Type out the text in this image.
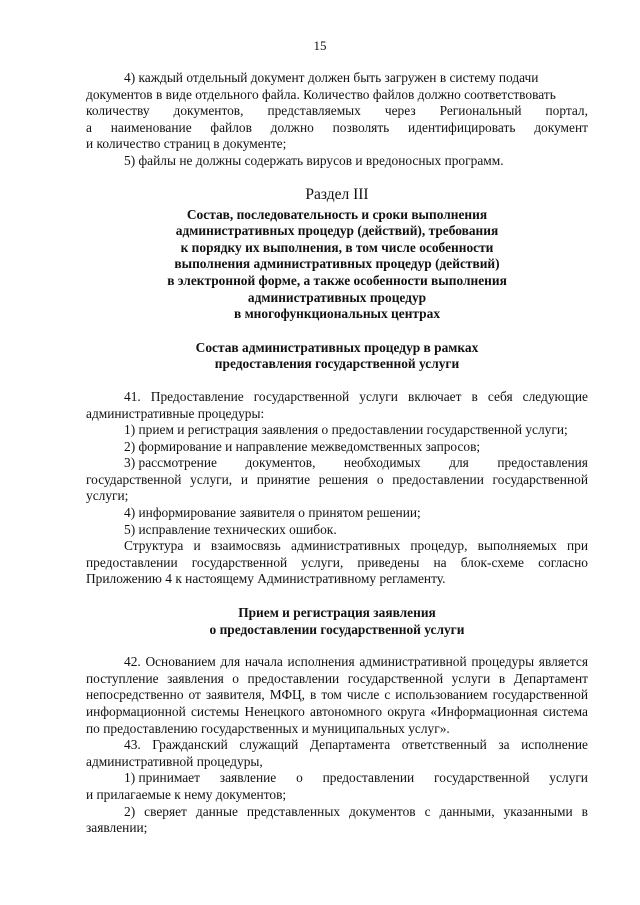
15

4) каждый отдельный документ должен быть загружен в систему подачи

документов в виде отдельного файла. Количество файлов должно соответствовать

количеству документов, представляемых через Региональный портал,
а наименование файлов должно позволять идентифицировать документ

и количество страниц в документе;

5) файлы не должны содержать вирусов и вредоносных программ.

Раздел III

Состав, последовательность и сроки выполнения

административных процедур (действий), требования

к порядку их выполнения, в том числе особенности

выполнения административных процедур (действий)

в электронной форме, а также особенности выполнения

административных процедур

в многофункциональных центрах

Состав административных процедур в рамках

предоставления государственной услуги

41. Предоставление государственной услуги включает в себя следующие административные процедуры:

1) прием и регистрация заявления о предоставлении государственной услуги;

2) формирование и направление межведомственных запросов;

3) рассмотрение документов, необходимых для предоставления

государственной услуги, и принятие решения о предоставлении государственной услуги;

4) информирование заявителя о принятом решении;

5) исправление технических ошибок.

Структура и взаимосвязь административных процедур, выполняемых при предоставлении государственной услуги, приведены на блок-схеме согласно Приложению 4 к настоящему Административному регламенту.

Прием и регистрация заявления

о предоставлении государственной услуги

42. Основанием для начала исполнения административной процедуры является поступление заявления о предоставлении государственной услуги в Департамент непосредственно от заявителя, МФЦ, в том числе с использованием государственной информационной системы Ненецкого автономного округа «Информационная система по предоставлению государственных и муниципальных услуг».

43. Гражданский служащий Департамента ответственный за исполнение административной процедуры,

1) принимает заявление о предоставлении государственной услуги

и прилагаемые к нему документов;

2) сверяет данные представленных документов с данными, указанными в заявлении;
